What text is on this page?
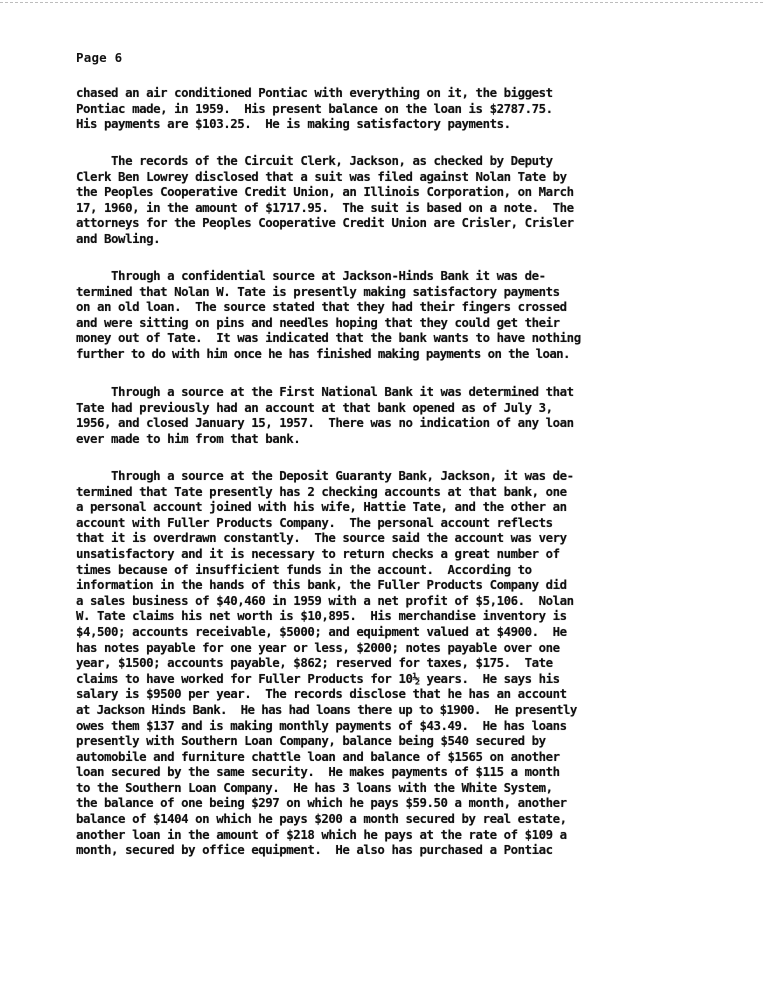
Page 6
chased an air conditioned Pontiac with everything on it, the biggest
Pontiac made, in 1959.  His present balance on the loan is $2787.75.
His payments are $103.25.  He is making satisfactory payments.
The records of the Circuit Clerk, Jackson, as checked by Deputy
Clerk Ben Lowrey disclosed that a suit was filed against Nolan Tate by
the Peoples Cooperative Credit Union, an Illinois Corporation, on March
17, 1960, in the amount of $1717.95.  The suit is based on a note.  The
attorneys for the Peoples Cooperative Credit Union are Crisler, Crisler
and Bowling.
Through a confidential source at Jackson-Hinds Bank it was de-
termined that Nolan W. Tate is presently making satisfactory payments
on an old loan.  The source stated that they had their fingers crossed
and were sitting on pins and needles hoping that they could get their
money out of Tate.  It was indicated that the bank wants to have nothing
further to do with him once he has finished making payments on the loan.
Through a source at the First National Bank it was determined that
Tate had previously had an account at that bank opened as of July 3,
1956, and closed January 15, 1957.  There was no indication of any loan
ever made to him from that bank.
Through a source at the Deposit Guaranty Bank, Jackson, it was de-
termined that Tate presently has 2 checking accounts at that bank, one
a personal account joined with his wife, Hattie Tate, and the other an
account with Fuller Products Company.  The personal account reflects
that it is overdrawn constantly.  The source said the account was very
unsatisfactory and it is necessary to return checks a great number of
times because of insufficient funds in the account.  According to
information in the hands of this bank, the Fuller Products Company did
a sales business of $40,460 in 1959 with a net profit of $5,106.  Nolan
W. Tate claims his net worth is $10,895.  His merchandise inventory is
$4,500; accounts receivable, $5000; and equipment valued at $4900.  He
has notes payable for one year or less, $2000; notes payable over one
year, $1500; accounts payable, $862; reserved for taxes, $175.  Tate
claims to have worked for Fuller Products for 10½ years.  He says his
salary is $9500 per year.  The records disclose that he has an account
at Jackson Hinds Bank.  He has had loans there up to $1900.  He presently
owes them $137 and is making monthly payments of $43.49.  He has loans
presently with Southern Loan Company, balance being $540 secured by
automobile and furniture chattle loan and balance of $1565 on another
loan secured by the same security.  He makes payments of $115 a month
to the Southern Loan Company.  He has 3 loans with the White System,
the balance of one being $297 on which he pays $59.50 a month, another
balance of $1404 on which he pays $200 a month secured by real estate,
another loan in the amount of $218 which he pays at the rate of $109 a
month, secured by office equipment.  He also has purchased a Pontiac
